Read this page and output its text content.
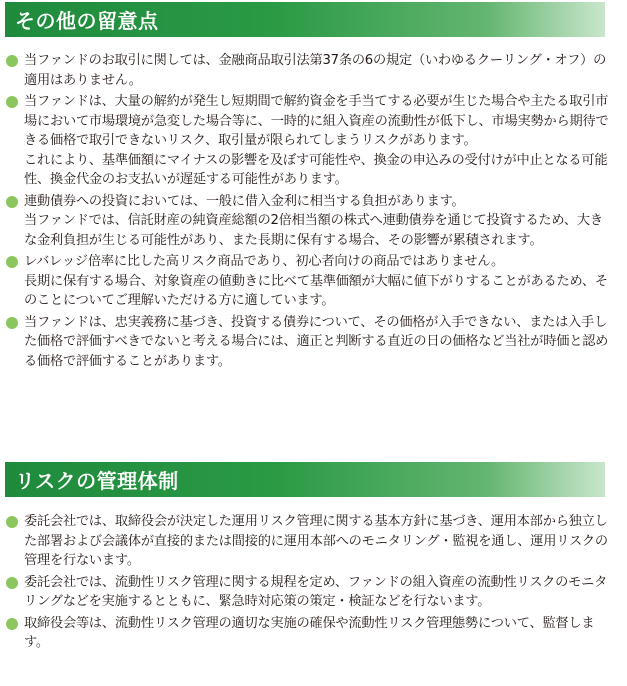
その他の留意点
当ファンドのお取引に関しては、金融商品取引法第37条の6の規定（いわゆるクーリング・オフ）の適用はありません。
当ファンドは、大量の解約が発生し短期間で解約資金を手当てする必要が生じた場合や主たる取引市場において市場環境が急変した場合等に、一時的に組入資産の流動性が低下し、市場実勢から期待できる価格で取引できないリスク、取引量が限られてしまうリスクがあります。
これにより、基準価額にマイナスの影響を及ぼす可能性や、換金の申込みの受付けが中止となる可能性、換金代金のお支払いが遅延する可能性があります。
連動債券への投資においては、一般に借入金利に相当する負担があります。
当ファンドでは、信託財産の純資産総額の2倍相当額の株式へ連動債券を通じて投資するため、大きな金利負担が生じる可能性があり、また長期に保有する場合、その影響が累積されます。
レバレッジ倍率に比した高リスク商品であり、初心者向けの商品ではありません。
長期に保有する場合、対象資産の値動きに比べて基準価額が大幅に値下がりすることがあるため、そのことについてご理解いただける方に適しています。
当ファンドは、忠実義務に基づき、投資する債券について、その価格が入手できない、または入手した価格で評価すべきでないと考える場合には、適正と判断する直近の日の価格など当社が時価と認める価格で評価することがあります。
リスクの管理体制
委託会社では、取締役会が決定した運用リスク管理に関する基本方針に基づき、運用本部から独立した部署および会議体が直接的または間接的に運用本部へのモニタリング・監視を通し、運用リスクの管理を行ないます。
委託会社では、流動性リスク管理に関する規程を定め、ファンドの組入資産の流動性リスクのモニタリングなどを実施するとともに、緊急時対応策の策定・検証などを行ないます。
取締役会等は、流動性リスク管理の適切な実施の確保や流動性リスク管理態勢について、監督します。
